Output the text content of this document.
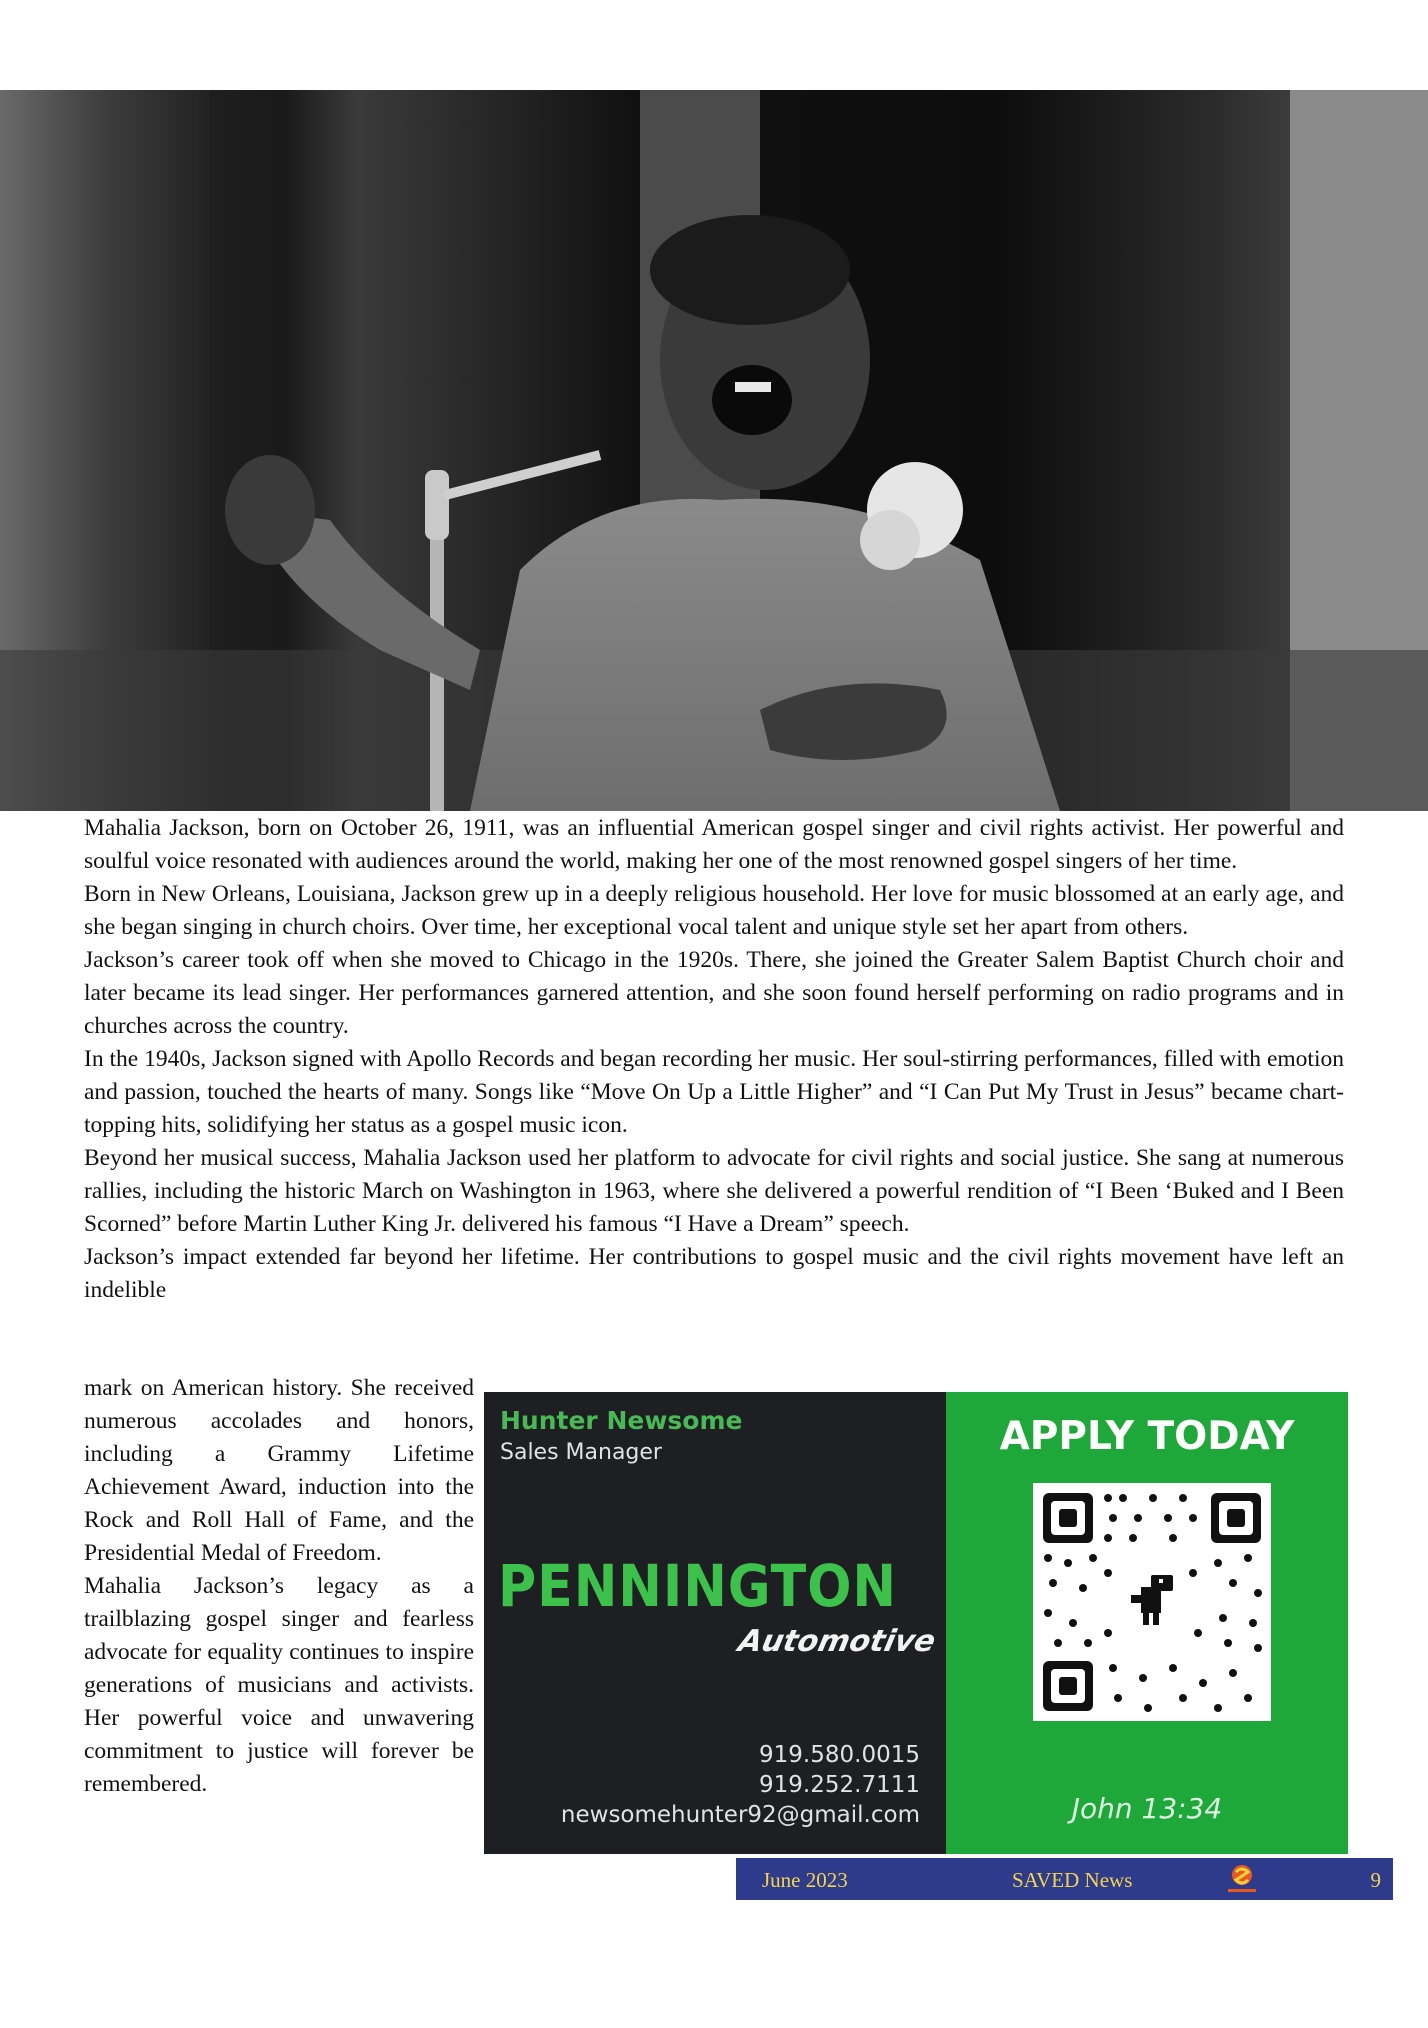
Mahalia Jackson, born on October 26, 1911, was an influential American gospel singer and civil rights activist. Her powerful and soulful voice resonated with audiences around the world, making her one of the most renowned gospel singers of her time.

Born in New Orleans, Louisiana, Jackson grew up in a deeply religious household. Her love for music blossomed at an early age, and she began singing in church choirs. Over time, her exceptional vocal talent and unique style set her apart from others.

Jackson’s career took off when she moved to Chicago in the 1920s. There, she joined the Greater Salem Baptist Church choir and later became its lead singer. Her performances garnered attention, and she soon found herself performing on radio programs and in churches across the country.

In the 1940s, Jackson signed with Apollo Records and began recording her music. Her soul-stirring performances, filled with emotion and passion, touched the hearts of many. Songs like “Move On Up a Little Higher” and “I Can Put My Trust in Jesus” became chart-topping hits, solidifying her status as a gospel music icon.

Beyond her musical success, Mahalia Jackson used her platform to advocate for civil rights and social justice. She sang at numerous rallies, including the historic March on Washington in 1963, where she delivered a powerful rendition of “I Been ‘Buked and I Been Scorned” before Martin Luther King Jr. delivered his famous “I Have a Dream” speech.

Jackson’s impact extended far beyond her lifetime. Her contributions to gospel music and the civil rights movement have left an indelible

mark on American history. She received numerous accolades and honors, including a Grammy Lifetime Achievement Award, induction into the Rock and Roll Hall of Fame, and the Presidential Medal of Freedom.

Mahalia Jackson’s legacy as a trailblazing gospel singer and fearless advocate for equality continues to inspire generations of musicians and activists. Her powerful voice and unwavering commitment to justice will forever be remembered.

Hunter Newsome
Sales Manager
PENNINGTON
Automotive
919.580.0015
919.252.7111
newsomehunter92@gmail.com
APPLY TODAY
John 13:34
June 2023	SAVED News	9
